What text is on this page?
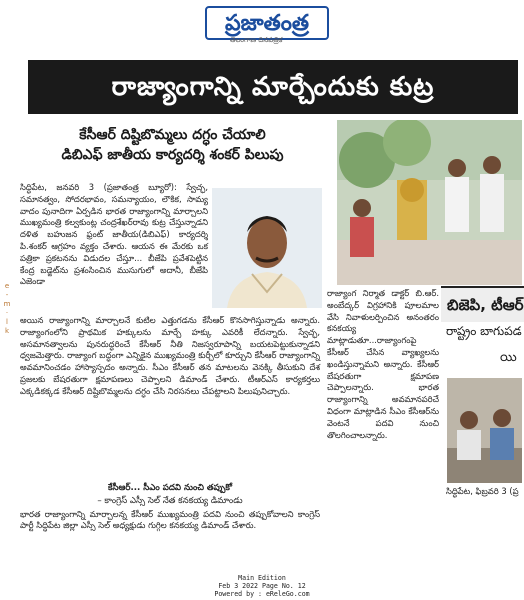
ప్రజాతంత్ర
తెలంగాణ దినపత్రిక
రాజ్యాంగాన్ని మార్చేందుకు కుట్ర
కేసీఆర్‌ దిష్టిబొమ్మలు దగ్ధం చేయాలి
డిబిఎఫ్‌ జాతీయ కార్యదర్శి శంకర్‌ పిలుపు
e
-
m
·
l
k

సిద్ధిపేట, జనవరి 3 (ప్రజాతంత్ర బ్యూరో): స్వేచ్ఛ, సమానత్వం, సోదరభావం, సమన్యాయం, లౌకిక, సామ్య వాదం పునాదిగా ఏర్పడిన భారత రాజ్యాంగాన్ని మార్చాలని ముఖ్యమంత్రి కల్వకుంట్ల చంద్రశేఖర్‌రావు కుట్ర చేస్తున్నాడని దళిత బహుజన ఫ్రంట్‌ జాతీయ(డిబిఎఫ్‌) కార్యదర్శి పి.శంకర్‌ ఆగ్రహం వ్యక్తం చేశారు. ఆయన ఈ మేరకు ఒక పత్రికా ప్రకటనను విడుదల చేస్తూ... బీజేపి ప్రవేశపెట్టిన కేంద్ర బడ్జెట్‌ను ప్రశంసించిన ముసుగులో అదానీ, బీజేపి ఎజెండా

అయిన రాజ్యాంగాన్ని మార్చాలనే కుటిల ఎత్తుగడను కేసీఆర్‌ కొనసాగిస్తున్నాడు అన్నారు. రాజ్యాంగంలోని ప్రాథమిక హక్కులను మార్చే హక్కు ఎవరికీ లేదన్నారు. స్వేచ్ఛ, అసమానత్వాలను పునరుద్ధరించే కేసీఆర్‌ నీతి నిజస్వరూపాన్ని బయటపెట్టుకున్నాడని ధ్వజమెత్తారు. రాజ్యాంగ బద్ధంగా ఎన్నికైన ముఖ్యమంత్రి కుర్చీలో కూర్చుని కేసీఆర్‌ రాజ్యాంగాన్ని అవమానించడం హాస్యాస్పదం అన్నారు. సీఎం కేసీఆర్‌ తన మాటలను వెనక్కి తీసుకుని దేశ ప్రజలకు బేషరతుగా క్షమాపణలు చెప్పాలని డిమాండ్‌ చేశారు. టీఆర్‌ఎస్‌ కార్యకర్తలు ఎక్కడికక్కడ కేసీఆర్‌ దిష్టిబొమ్మలను దగ్ధం చేసి నిరసనలు చేపట్టాలని పిలుపునిచ్చారు.

కేసీఆర్‌... సీఎం పదవి నుంచి తప్పుకో
– కాంగ్రెస్‌ ఎస్సీ సెల్‌ నేత కనకయ్య డిమాండు

భారత రాజ్యాంగాన్ని మార్చాలన్న కేసీఆర్‌ ముఖ్యమంత్రి పదవి నుంచి తప్పుకోవాలని కాంగ్రెస్‌ పార్టీ సిద్ధిపేట జిల్లా ఎస్సీ సెల్‌ అధ్యక్షుడు గుగ్గిల కనకయ్య డిమాండ్‌ చేశారు.

రాజ్యాంగ నిర్మాత డాక్టర్‌ బి.ఆర్‌. అంబేద్కర్‌ విగ్రహానికి పూలమాల వేసి నివాళులర్పించిన అనంతరం కనకయ్య మాట్లాడుతూ...రాజ్యాంగంపై కేసీఆర్‌ చేసిన వ్యాఖ్యలను ఖండిస్తున్నామని అన్నారు. కేసీఆర్‌ బేషరతుగా క్షమాపణ చెప్పాలన్నారు. భారత రాజ్యాంగాన్ని అవమానపరిచే విధంగా మాట్లాడిన సీఎం కేసీఆర్‌ను వెంటనే పదవి నుంచి తొలగించాలన్నారు.

బిజెపి, టీఆర్‌
రాష్ట్రం బాగుపడ
యి
సిద్ధిపేట, ఫిబ్రవరి 3 (ప్ర
Main Edition
Feb 3 2022 Page No. 12
Powered by : eReleGo.com
